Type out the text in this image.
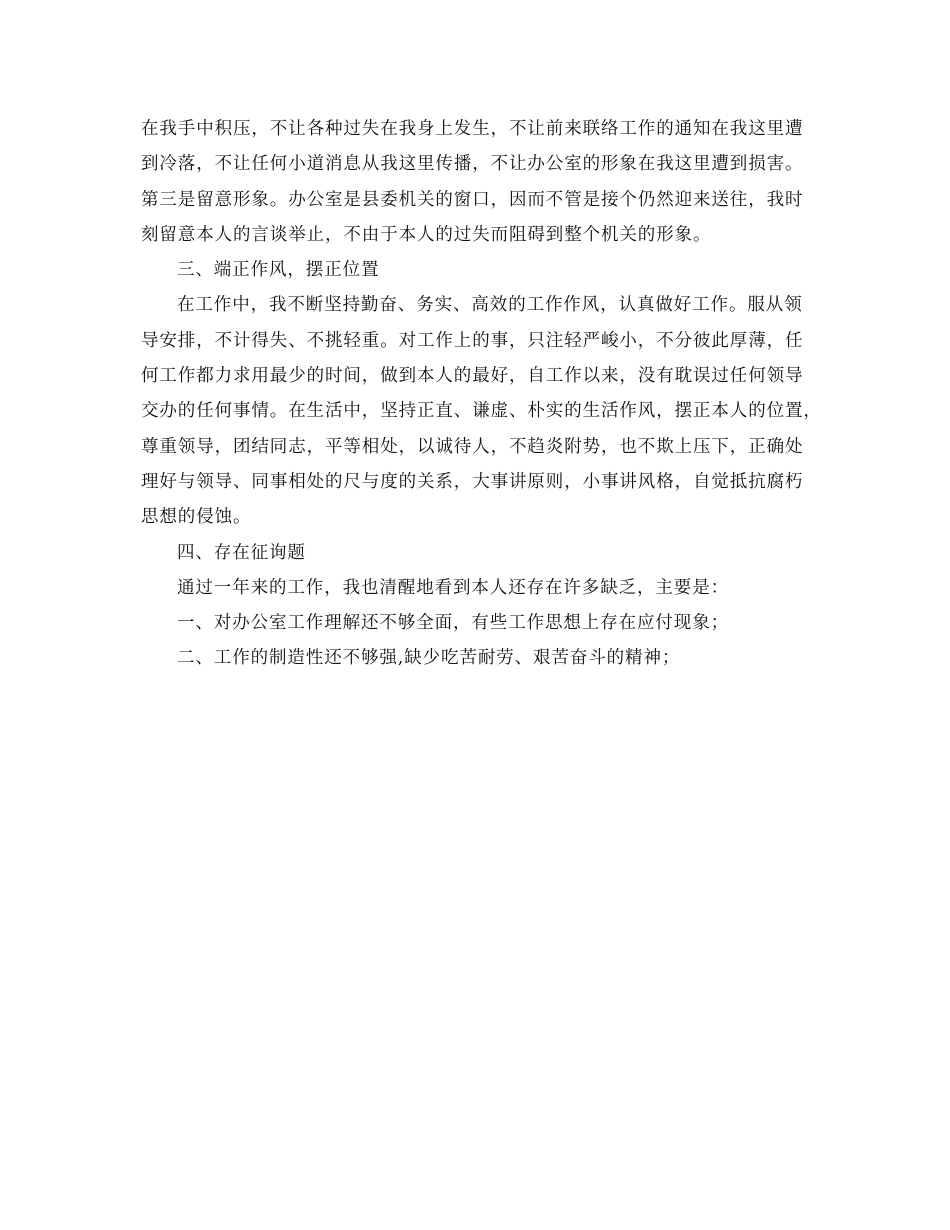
在我手中积压，不让各种过失在我身上发生，不让前来联络工作的通知在我这里遭
到冷落，不让任何小道消息从我这里传播，不让办公室的形象在我这里遭到损害。
第三是留意形象。办公室是县委机关的窗口，因而不管是接个仍然迎来送往，我时
刻留意本人的言谈举止，不由于本人的过失而阻碍到整个机关的形象。
三、端正作风，摆正位置
在工作中，我不断坚持勤奋、务实、高效的工作作风，认真做好工作。服从领
导安排，不计得失、不挑轻重。对工作上的事，只注轻严峻小，不分彼此厚薄，任
何工作都力求用最少的时间，做到本人的最好，自工作以来，没有耽误过任何领导
交办的任何事情。在生活中，坚持正直、谦虚、朴实的生活作风，摆正本人的位置，
尊重领导，团结同志，平等相处，以诚待人，不趋炎附势，也不欺上压下，正确处
理好与领导、同事相处的尺与度的关系，大事讲原则，小事讲风格，自觉抵抗腐朽
思想的侵蚀。
四、存在征询题
通过一年来的工作，我也清醒地看到本人还存在许多缺乏，主要是：
一、对办公室工作理解还不够全面，有些工作思想上存在应付现象；
二、工作的制造性还不够强,缺少吃苦耐劳、艰苦奋斗的精神；
